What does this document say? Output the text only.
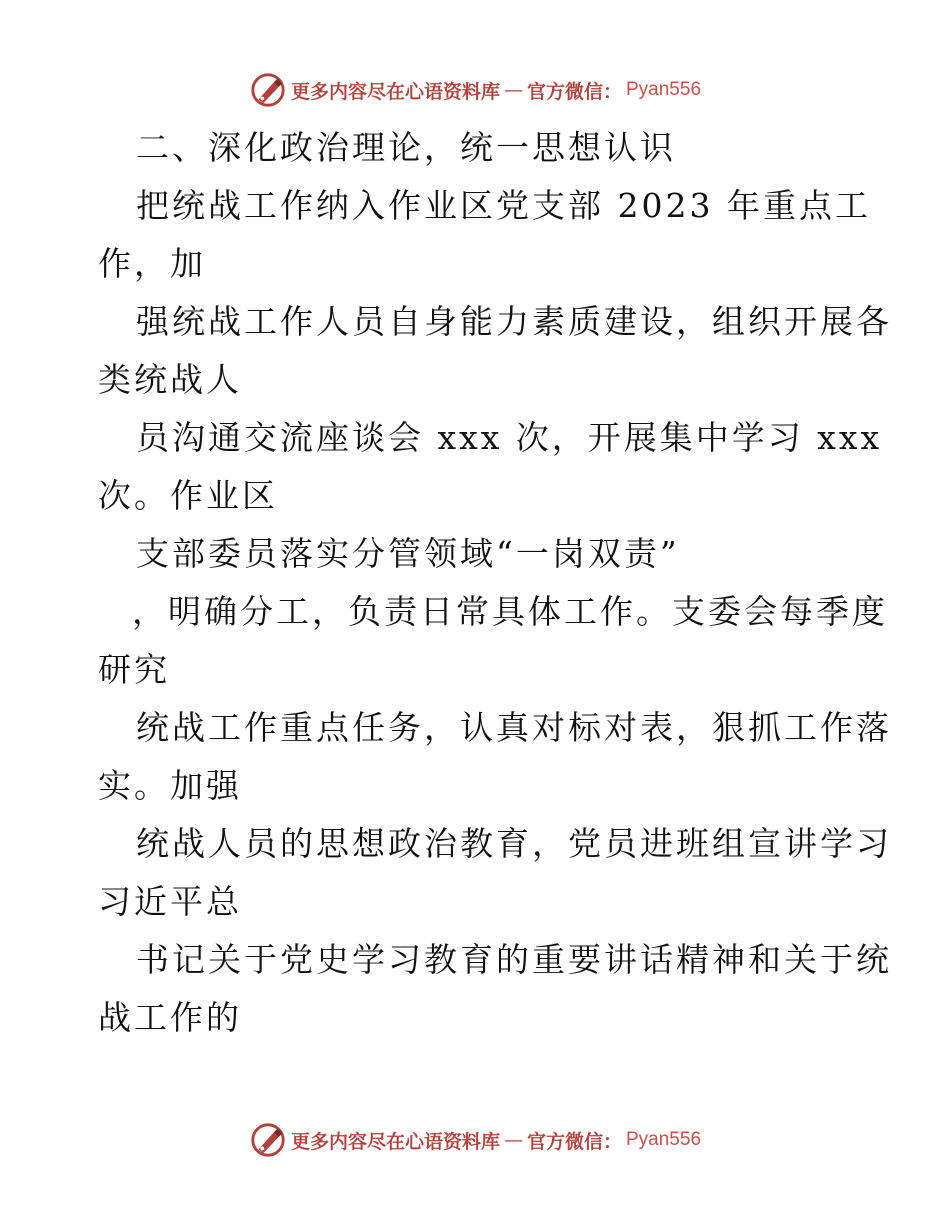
更多内容尽在心语资料库 — 官方微信： Pyan556
二、深化政治理论，统一思想认识
把统战工作纳入作业区党支部 2023 年重点工
作，加
强统战工作人员自身能力素质建设，组织开展各
类统战人
员沟通交流座谈会 xxx 次，开展集中学习 xxx
次。作业区
支部委员落实分管领域“一岗双责”
，明确分工，负责日常具体工作。支委会每季度
研究
统战工作重点任务，认真对标对表，狠抓工作落
实。加强
统战人员的思想政治教育，党员进班组宣讲学习
习近平总
书记关于党史学习教育的重要讲话精神和关于统
战工作的
更多内容尽在心语资料库 — 官方微信： Pyan556
